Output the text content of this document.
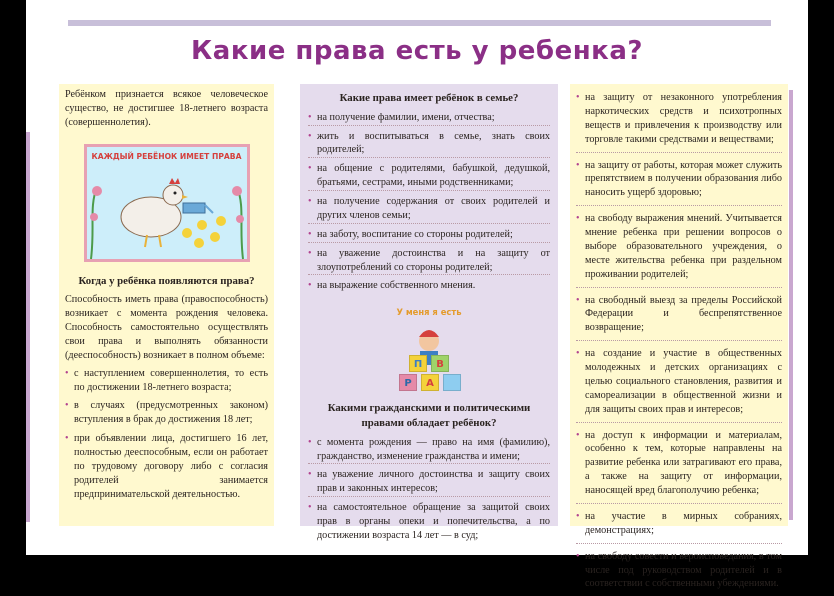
Какие права есть у ребенка?

Ребёнком признается всякое человеческое существо, не достигшее 18-летнего возраста (совершеннолетия).

КАЖДЫЙ РЕБЁНОК ИМЕЕТ ПРАВА
Когда у ребёнка появляются права?

Способность иметь права (правоспособность) возникает с момента рождения человека. Способность самостоятельно осуществлять свои права и выполнять обязанности (дееспособность) возникает в полном объеме:

• с наступлением совершеннолетия, то есть по достижении 18-летнего возраста;
• в случаях (предусмотренных законом) вступления в брак до достижения 18 лет;
• при объявлении лица, достигшего 16 лет, полностью дееспособным, если он работает по трудовому договору либо с согласия родителей занимается предпринимательской деятельностью.
Какие права имеет ребёнок в семье?
• на получение фамилии, имени, отчества;
• жить и воспитываться в семье, знать своих родителей;
• на общение с родителями, бабушкой, дедушкой, братьями, сестрами, иными родственниками;
• на получение содержания от своих родителей и других членов семьи;
• на заботу, воспитание со стороны родителей;
• на уважение достоинства и на защиту от злоупотреблений со стороны родителей;
• на выражение собственного мнения.
У меня я есть
П	В
Р	А
Какими гражданскими и политическими правами обладает ребёнок?
• с момента рождения — право на имя (фамилию), гражданство, изменение гражданства и имени;
• на уважение личного достоинства и защиту своих прав и законных интересов;
• на самостоятельное обращение за защитой своих прав в органы опеки и попечительства, а по достижении возраста 14 лет — в суд;
• на защиту от незаконного употребления наркотических средств и психотропных веществ и привлечения к производству или торговле такими средствами и веществами;
• на защиту от работы, которая может служить препятствием в получении образования либо наносить ущерб здоровью;
• на свободу выражения мнений. Учитывается мнение ребенка при решении вопросов о выборе образовательного учреждения, о месте жительства ребенка при раздельном проживании родителей;
• на свободный выезд за пределы Российской Федерации и беспрепятственное возвращение;
• на создание и участие в общественных молодежных и детских организациях с целью социального становления, развития и самореализации в общественной жизни и для защиты своих прав и интересов;
• на доступ к информации и материалам, особенно к тем, которые направлены на развитие ребенка или затрагивают его права, а также на защиту от информации, наносящей вред благополучию ребенка;
• на участие в мирных собраниях, демонстрациях;
• на свободу совести и вероисповедания, в том числе под руководством родителей и в соответствии с собственными убеждениями.
